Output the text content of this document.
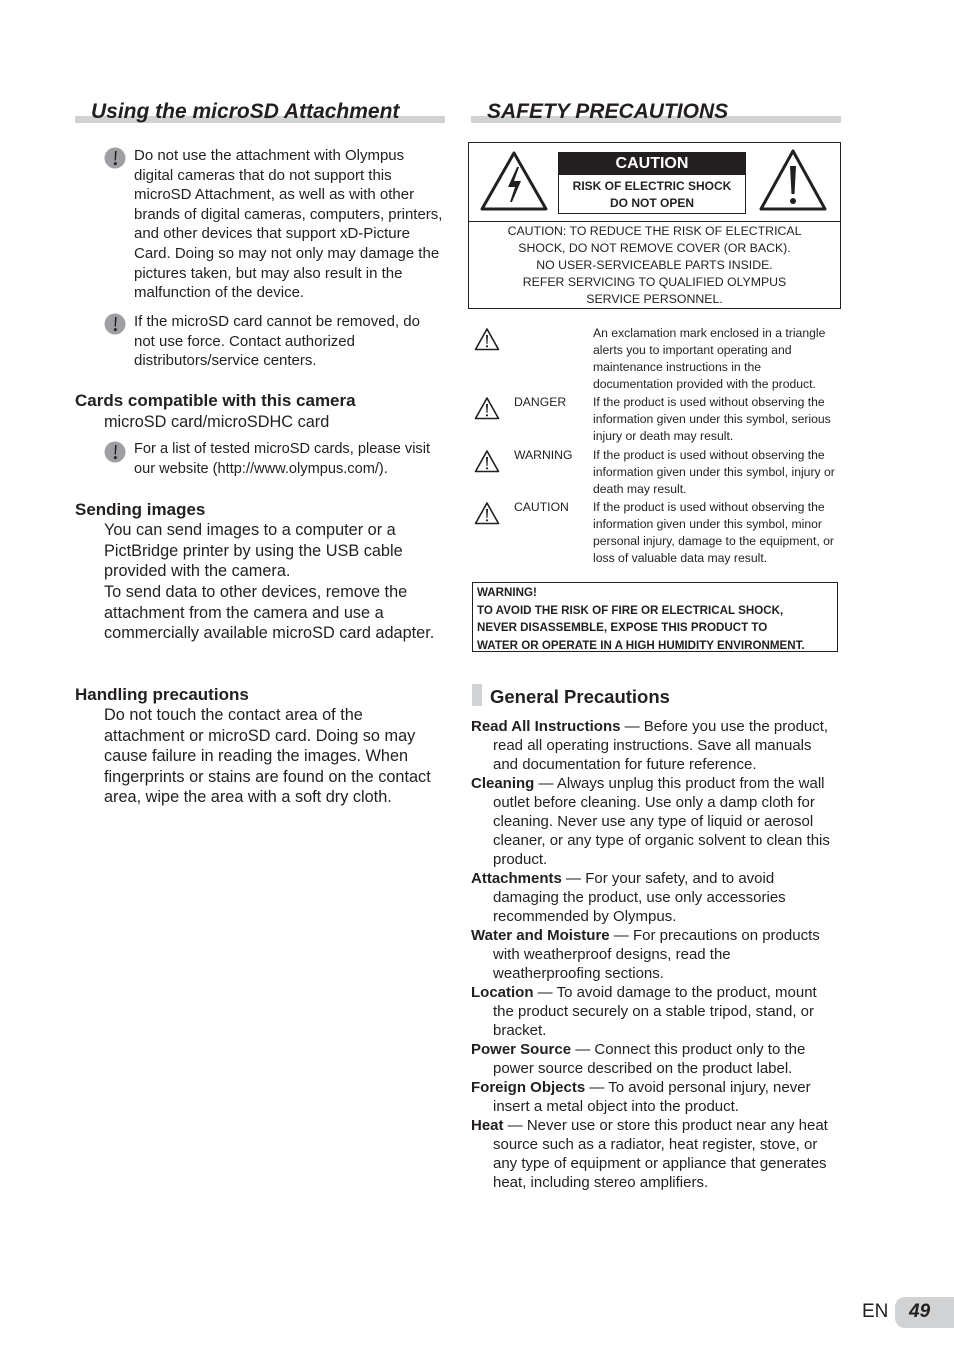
Using the microSD Attachment
Do not use the attachment with Olympus digital cameras that do not support this microSD Attachment, as well as with other brands of digital cameras, computers, printers, and other devices that support xD-Picture Card. Doing so may not only may damage the pictures taken, but may also result in the malfunction of the device.
If the microSD card cannot be removed, do not use force. Contact authorized distributors/service centers.
Cards compatible with this camera
microSD card/microSDHC card
For a list of tested microSD cards, please visit our website (http://www.olympus.com/).
Sending images
You can send images to a computer or a PictBridge printer by using the USB cable provided with the camera.
To send data to other devices, remove the attachment from the camera and use a commercially available microSD card adapter.
Handling precautions
Do not touch the contact area of the attachment or microSD card. Doing so may cause failure in reading the images. When fingerprints or stains are found on the contact area, wipe the area with a soft dry cloth.
SAFETY PRECAUTIONS
CAUTION
RISK OF ELECTRIC SHOCK
DO NOT OPEN
CAUTION: TO REDUCE THE RISK OF ELECTRICAL
SHOCK, DO NOT REMOVE COVER (OR BACK).
NO USER-SERVICEABLE PARTS INSIDE.
REFER SERVICING TO QUALIFIED OLYMPUS
SERVICE PERSONNEL.
An exclamation mark enclosed in a triangle alerts you to important operating and maintenance instructions in the documentation provided with the product.
DANGER If the product is used without observing the information given under this symbol, serious injury or death may result.
WARNING If the product is used without observing the information given under this symbol, injury or death may result.
CAUTION If the product is used without observing the information given under this symbol, minor personal injury, damage to the equipment, or loss of valuable data may result.
WARNING!
TO AVOID THE RISK OF FIRE OR ELECTRICAL SHOCK,
NEVER DISASSEMBLE, EXPOSE THIS PRODUCT TO
WATER OR OPERATE IN A HIGH HUMIDITY ENVIRONMENT.
General Precautions
Read All Instructions — Before you use the product, read all operating instructions. Save all manuals and documentation for future reference.
Cleaning — Always unplug this product from the wall outlet before cleaning. Use only a damp cloth for cleaning. Never use any type of liquid or aerosol cleaner, or any type of organic solvent to clean this product.
Attachments — For your safety, and to avoid damaging the product, use only accessories recommended by Olympus.
Water and Moisture — For precautions on products with weatherproof designs, read the weatherproofing sections.
Location — To avoid damage to the product, mount the product securely on a stable tripod, stand, or bracket.
Power Source — Connect this product only to the power source described on the product label.
Foreign Objects — To avoid personal injury, never insert a metal object into the product.
Heat — Never use or store this product near any heat source such as a radiator, heat register, stove, or any type of equipment or appliance that generates heat, including stereo amplifiers.
EN 49
